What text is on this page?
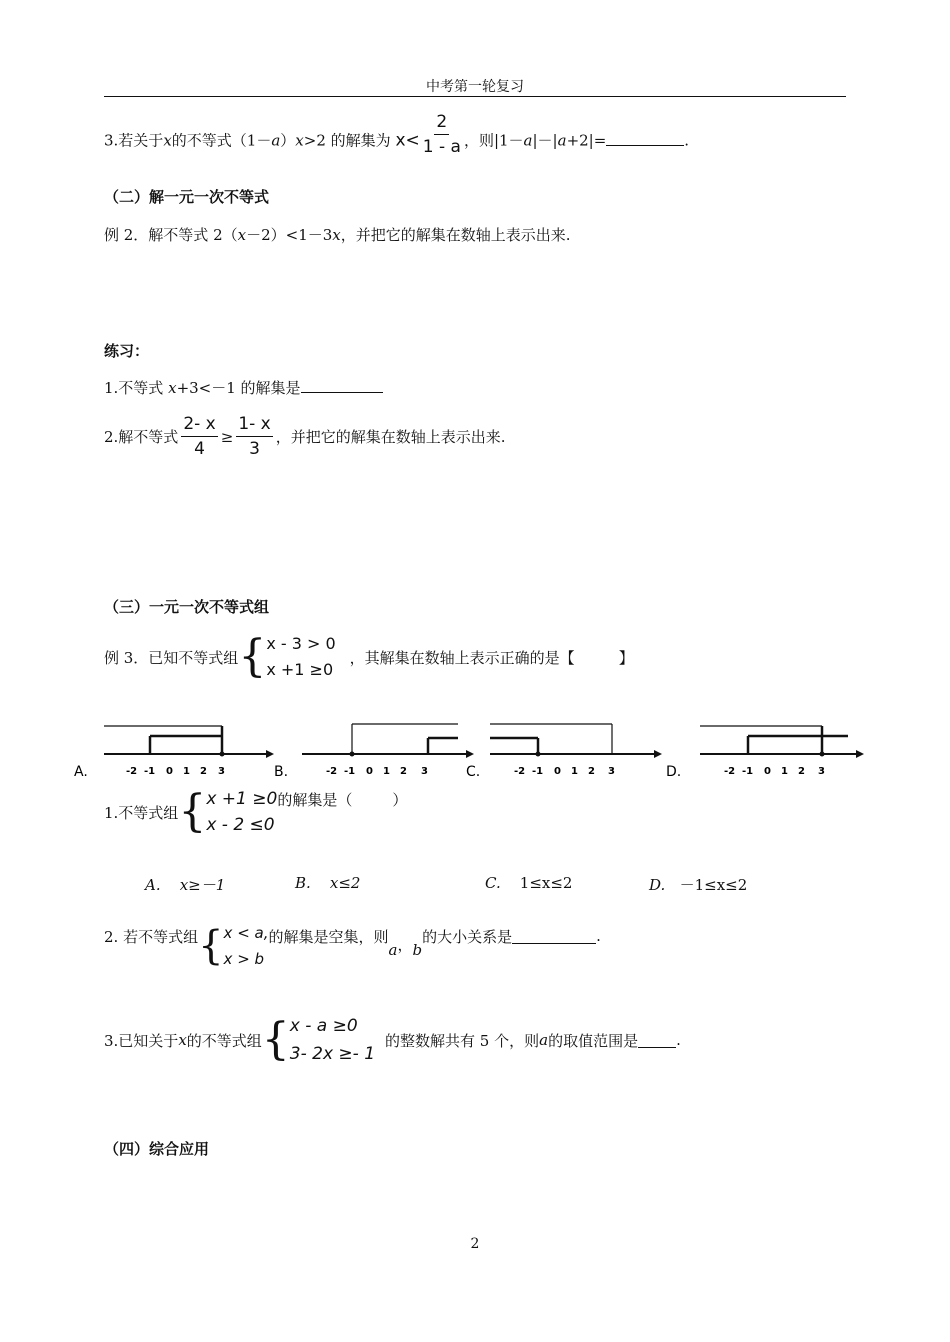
中考第一轮复习
3.若关于x的不等式（1－a）x>2 的解集为 $x< \frac{2}{1 - a}$ ，则|1－a|－|a+2|=	.
（二）解一元一次不等式
例 2．解不等式 2（x－2）<1－3x，并把它的解集在数轴上表示出来.
练习：
1.不等式 x+3<－1 的解集是
2.解不等式 $\frac{2- x}{4} \ge \frac{1- x}{3}$ ，并把它的解集在数轴上表示出来.
（三）一元一次不等式组
例 3．已知不等式组 { x - 3 > 0
x +1 ≥0
，其解集在数轴上表示正确的是【	】
A.	-2 -1 0 1 2 3	B.	-2 -1 0 1 2 3	C.	-2 -1 0 1 2 3	D.	-2 -1 0 1 2 3
1.不等式组 { x +1 ≥0
x - 2 ≤0
的解集是（	）
A. x≥－1	B. x≤2	C. 1≤x≤2	D. －1≤x≤2
2. 若不等式组 { x < a,
x > b
的解集是空集，则
a ， b
的大小关系是	.
3.已知关于 x 的不等式组 { x - a ≥0
3- 2x ≥- 1
的整数解共有 5 个，则 a 的取值范围是	.
（四）综合应用
2
